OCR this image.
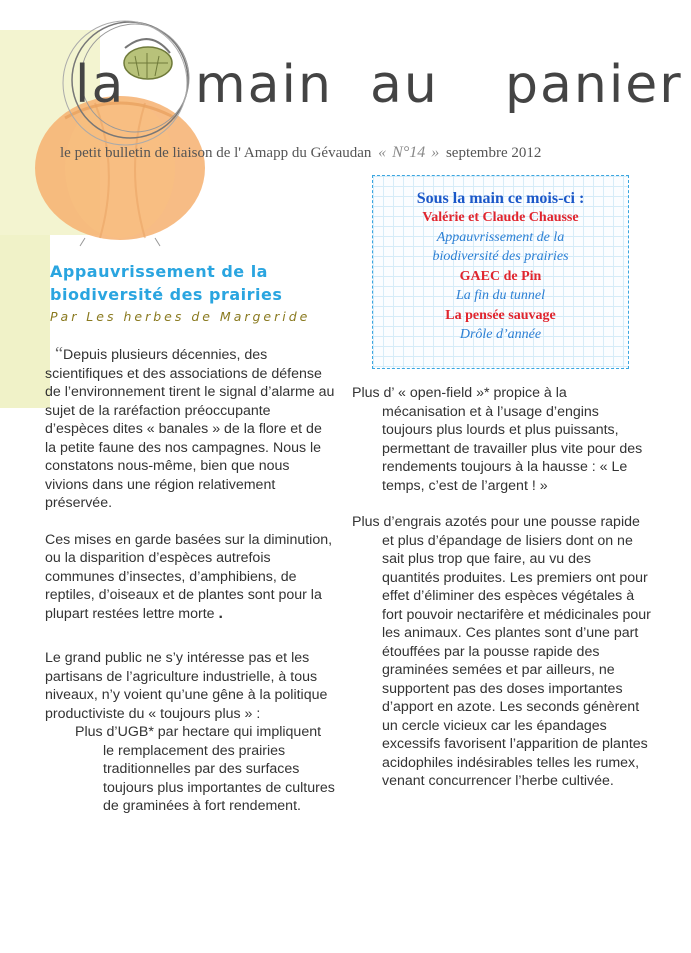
la main au panier
le petit bulletin de liaison de l' Amapp du Gévaudan « N°14 » septembre 2012
Sous la main ce mois-ci :
Valérie et Claude Chausse
Appauvrissement de la
biodiversité des prairies
GAEC de Pin
La fin du tunnel
La pensée sauvage
Drôle d’année
Appauvrissement de la
biodiversité des prairies
Par Les herbes de Margeride

“Depuis plusieurs décennies, des scientifiques et des associations de défense de l’environnement tirent le signal d’alarme au sujet de la raréfaction préoccupante d’espèces dites « banales » de la flore et de la petite faune des nos campagnes. Nous le constatons nous-même, bien que nous vivions dans une région relativement préservée.

Ces mises en garde basées sur la diminution, ou la disparition d’espèces autrefois communes d’insectes, d’amphibiens, de reptiles, d’oiseaux et de plantes sont pour la plupart restées lettre morte .

Le grand public ne s’y intéresse pas et les partisans de l’agriculture industrielle, à tous niveaux, n’y voient qu’une gêne à la politique productiviste du « toujours plus » :

Plus d’UGB* par hectare qui impliquent le remplacement des prairies traditionnelles par des surfaces toujours plus importantes de cultures de graminées à fort rendement.

Plus d’ « open-field »* propice à la mécanisation et à l’usage d’engins toujours plus lourds et plus puissants, permettant de travailler plus vite pour des rendements toujours à la hausse : « Le temps, c’est de l’argent ! »

Plus d’engrais azotés pour une pousse rapide et plus d’épandage de lisiers dont on ne sait plus trop que faire, au vu des quantités produites. Les premiers ont pour effet d’éliminer des espèces végétales à fort pouvoir nectarifère et médicinales pour les animaux. Ces plantes sont d’une part étouffées par la pousse rapide des graminées semées et par ailleurs, ne supportent pas des doses importantes d’apport en azote. Les seconds génèrent un cercle vicieux car les épandages excessifs favorisent l’apparition de plantes acidophiles indésirables telles les rumex, venant concurrencer l’herbe cultivée.
